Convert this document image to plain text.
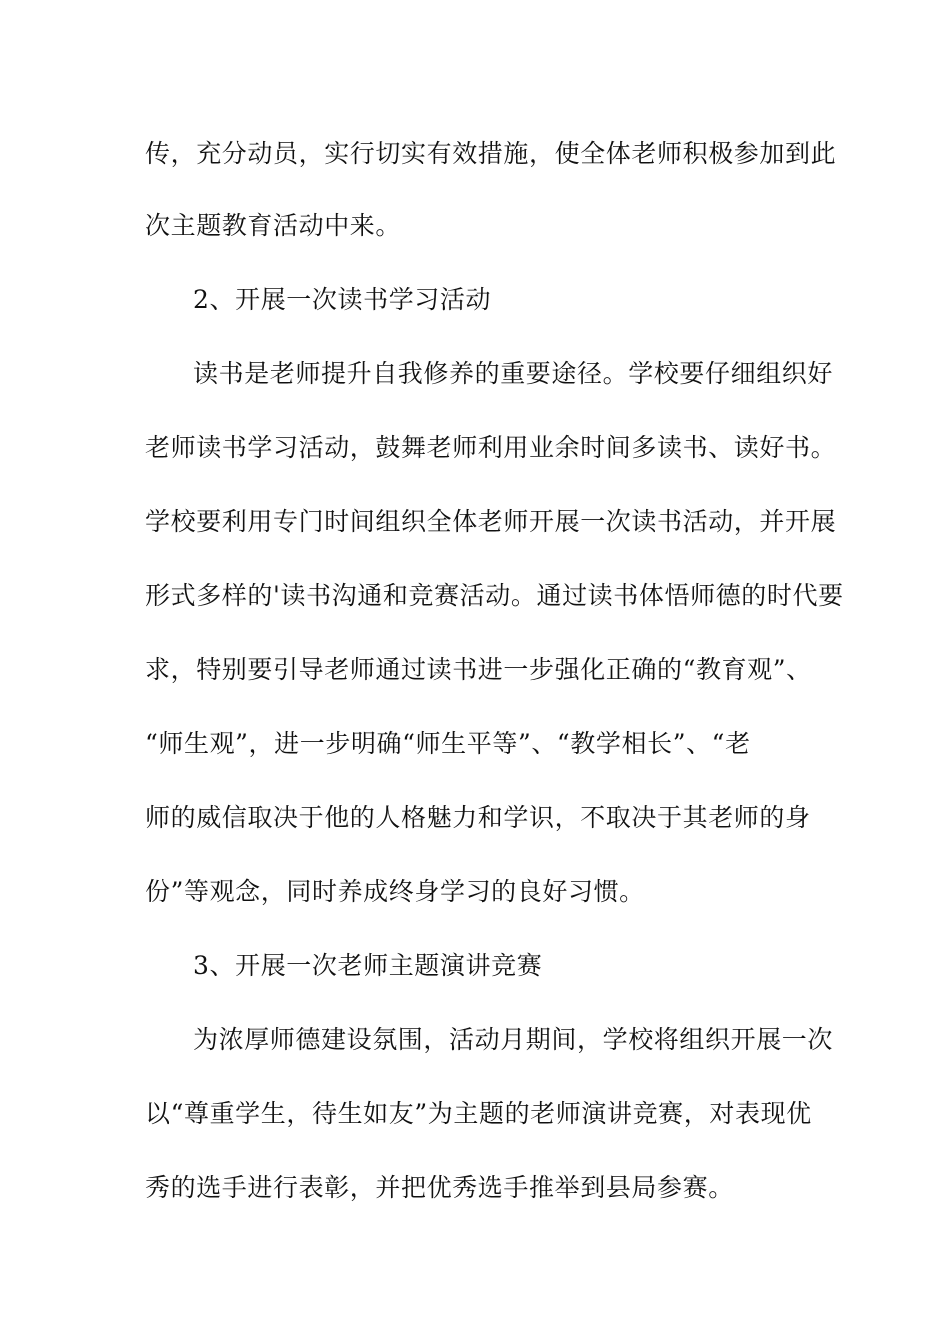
传，充分动员，实行切实有效措施，使全体老师积极参加到此
次主题教育活动中来。
2、开展一次读书学习活动
读书是老师提升自我修养的重要途径。学校要仔细组织好
老师读书学习活动，鼓舞老师利用业余时间多读书、读好书。
学校要利用专门时间组织全体老师开展一次读书活动，并开展
形式多样的'读书沟通和竞赛活动。通过读书体悟师德的时代要
求，特别要引导老师通过读书进一步强化正确的“教育观”、
“师生观”，进一步明确“师生平等”、“教学相长”、“老
师的威信取决于他的人格魅力和学识，不取决于其老师的身
份”等观念，同时养成终身学习的良好习惯。
3、开展一次老师主题演讲竞赛
为浓厚师德建设氛围，活动月期间，学校将组织开展一次
以“尊重学生，待生如友”为主题的老师演讲竞赛，对表现优
秀的选手进行表彰，并把优秀选手推举到县局参赛。
